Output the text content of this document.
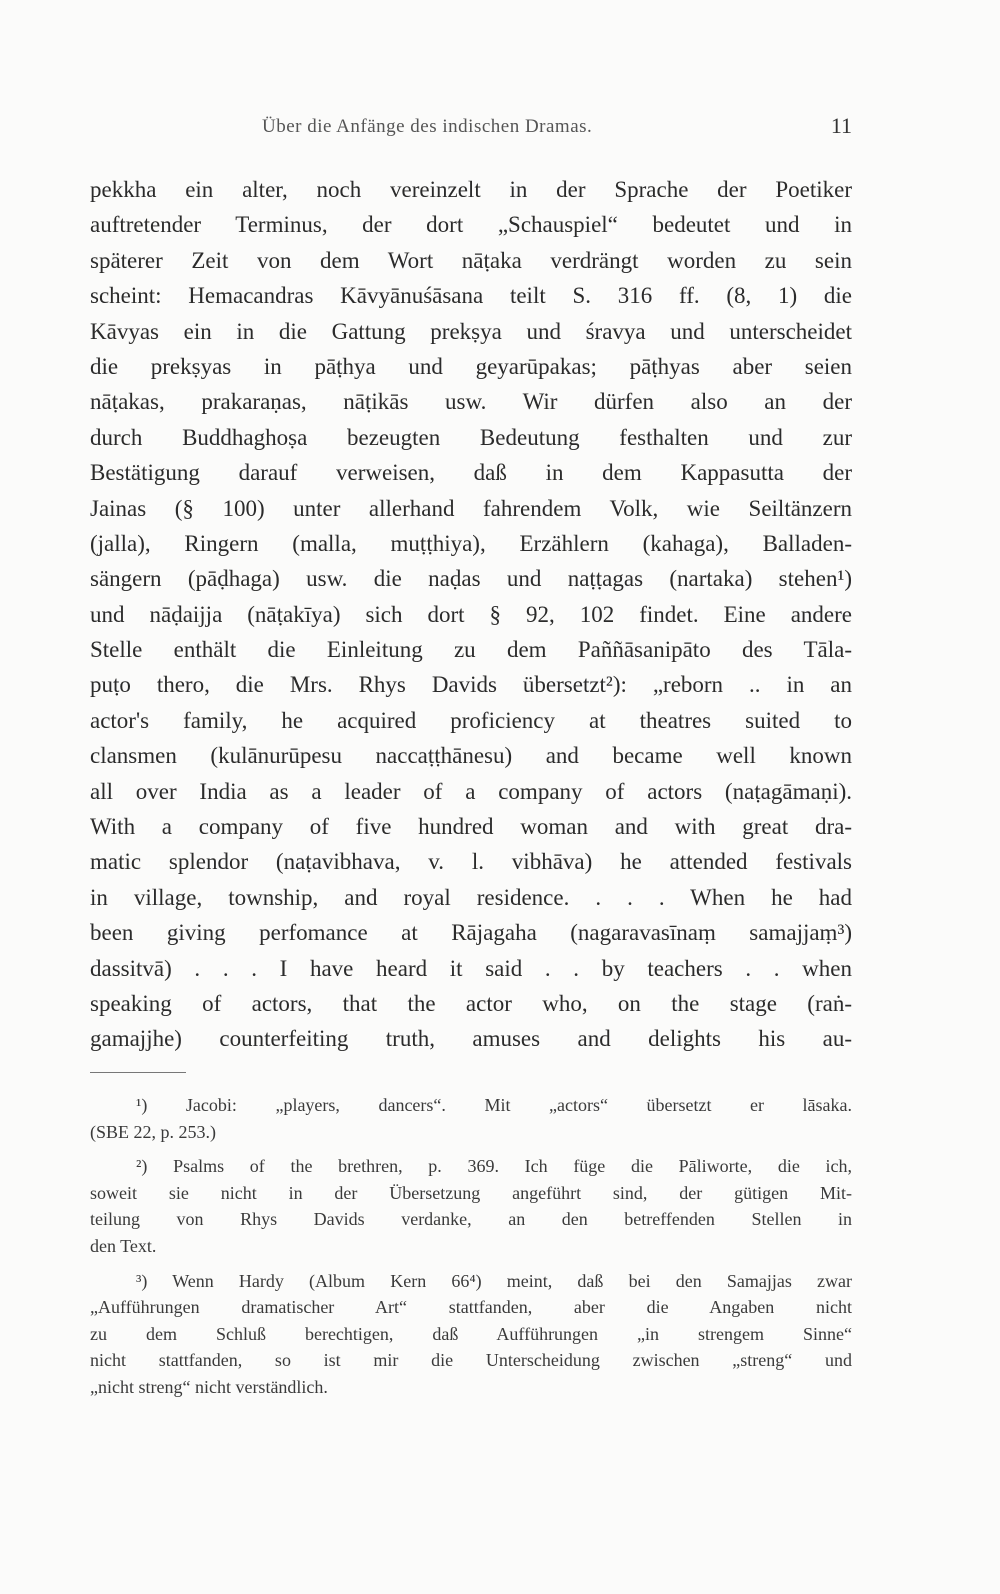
Über die Anfänge des indischen Dramas.	11
pekkha ein alter, noch vereinzelt in der Sprache der Poetiker
auftretender Terminus, der dort „Schauspiel“ bedeutet und in
späterer Zeit von dem Wort nāṭaka verdrängt worden zu sein
scheint: Hemacandras Kāvyānuśāsana teilt S. 316 ff. (8, 1) die
Kāvyas ein in die Gattung prekṣya und śravya und unterscheidet
die prekṣyas in pāṭhya und geyarūpakas; pāṭhyas aber seien
nāṭakas, prakaraṇas, nāṭikās usw. Wir dürfen also an der
durch Buddhaghoṣa bezeugten Bedeutung festhalten und zur
Bestätigung darauf verweisen, daß in dem Kappasutta der
Jainas (§ 100) unter allerhand fahrendem Volk, wie Seiltänzern
(jalla), Ringern (malla, muṭṭhiya), Erzählern (kahaga), Balladen-
sängern (pāḍhaga) usw. die naḍas und naṭṭagas (nartaka) stehen¹)
und nāḍaijja (nāṭakīya) sich dort § 92, 102 findet. Eine andere
Stelle enthält die Einleitung zu dem Paññāsanipāto des Tāla-
puṭo thero, die Mrs. Rhys Davids übersetzt²): „reborn .. in an
actor's family, he acquired proficiency at theatres suited to
clansmen (kulānurūpesu naccaṭṭhānesu) and became well known
all over India as a leader of a company of actors (naṭagāmaṇi).
With a company of five hundred woman and with great dra-
matic splendor (naṭavibhava, v. l. vibhāva) he attended festivals
in village, township, and royal residence. . . . When he had
been giving perfomance at Rājagaha (nagaravasīnaṃ samajjaṃ³)
dassitvā) . . . I have heard it said . . by teachers . . when
speaking of actors, that the actor who, on the stage (raṅ-
gamajjhe) counterfeiting truth, amuses and delights his au-
¹) Jacobi: „players, dancers“. Mit „actors“ übersetzt er lāsaka.
(SBE 22, p. 253.)
²) Psalms of the brethren, p. 369. Ich füge die Pāliworte, die ich,
soweit sie nicht in der Übersetzung angeführt sind, der gütigen Mit-
teilung von Rhys Davids verdanke, an den betreffenden Stellen in
den Text.
³) Wenn Hardy (Album Kern 66⁴) meint, daß bei den Samajjas zwar
„Aufführungen dramatischer Art“ stattfanden, aber die Angaben nicht
zu dem Schluß berechtigen, daß Aufführungen „in strengem Sinne“
nicht stattfanden, so ist mir die Unterscheidung zwischen „streng“ und
„nicht streng“ nicht verständlich.
